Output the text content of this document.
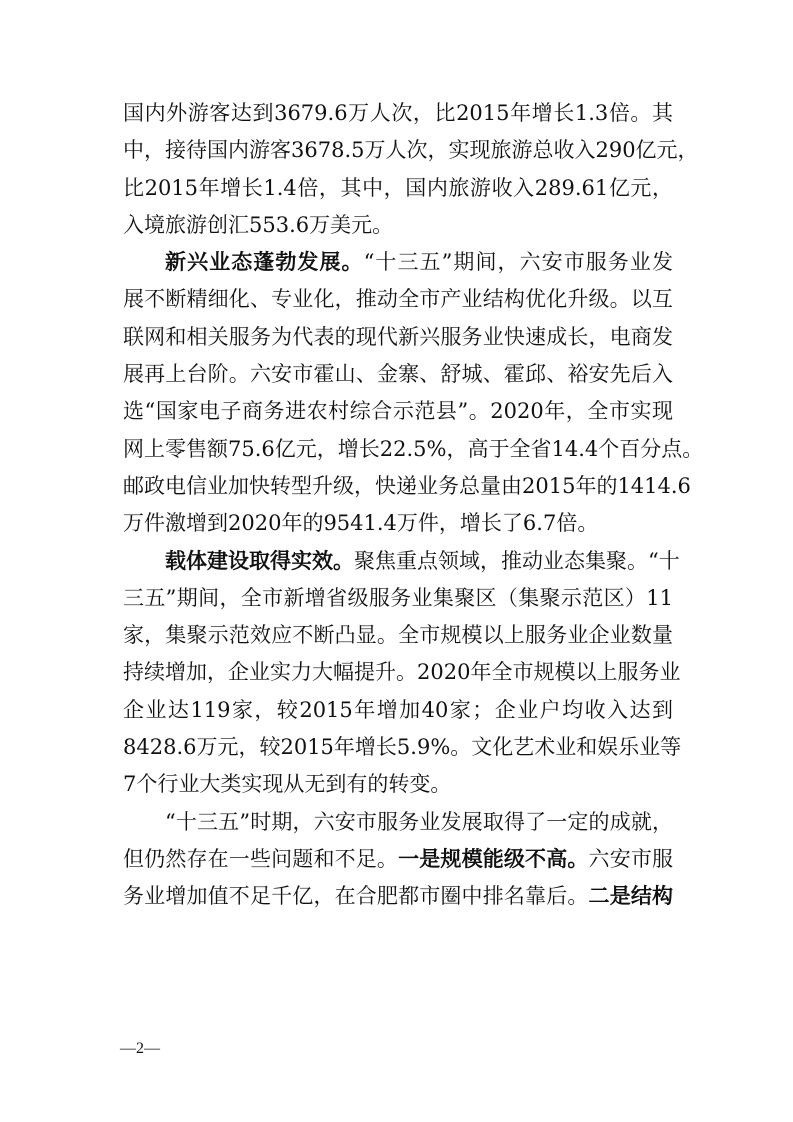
国内外游客达到3679.6万人次，比2015年增长1.3倍。其
中，接待国内游客3678.5万人次，实现旅游总收入290亿元，
比2015年增长1.4倍，其中，国内旅游收入289.61亿元，
入境旅游创汇553.6万美元。
新兴业态蓬勃发展。“十三五”期间，六安市服务业发
展不断精细化、专业化，推动全市产业结构优化升级。以互
联网和相关服务为代表的现代新兴服务业快速成长，电商发
展再上台阶。六安市霍山、金寨、舒城、霍邱、裕安先后入
选“国家电子商务进农村综合示范县”。2020年，全市实现
网上零售额75.6亿元，增长22.5%，高于全省14.4个百分点。
邮政电信业加快转型升级，快递业务总量由2015年的1414.6
万件激增到2020年的9541.4万件，增长了6.7倍。
载体建设取得实效。聚焦重点领域，推动业态集聚。“十
三五”期间，全市新增省级服务业集聚区（集聚示范区）11
家，集聚示范效应不断凸显。全市规模以上服务业企业数量
持续增加，企业实力大幅提升。2020年全市规模以上服务业
企业达119家，较2015年增加40家；企业户均收入达到
8428.6万元，较2015年增长5.9%。文化艺术业和娱乐业等
7个行业大类实现从无到有的转变。
“十三五”时期，六安市服务业发展取得了一定的成就，
但仍然存在一些问题和不足。一是规模能级不高。六安市服
务业增加值不足千亿，在合肥都市圈中排名靠后。二是结构
—2—
